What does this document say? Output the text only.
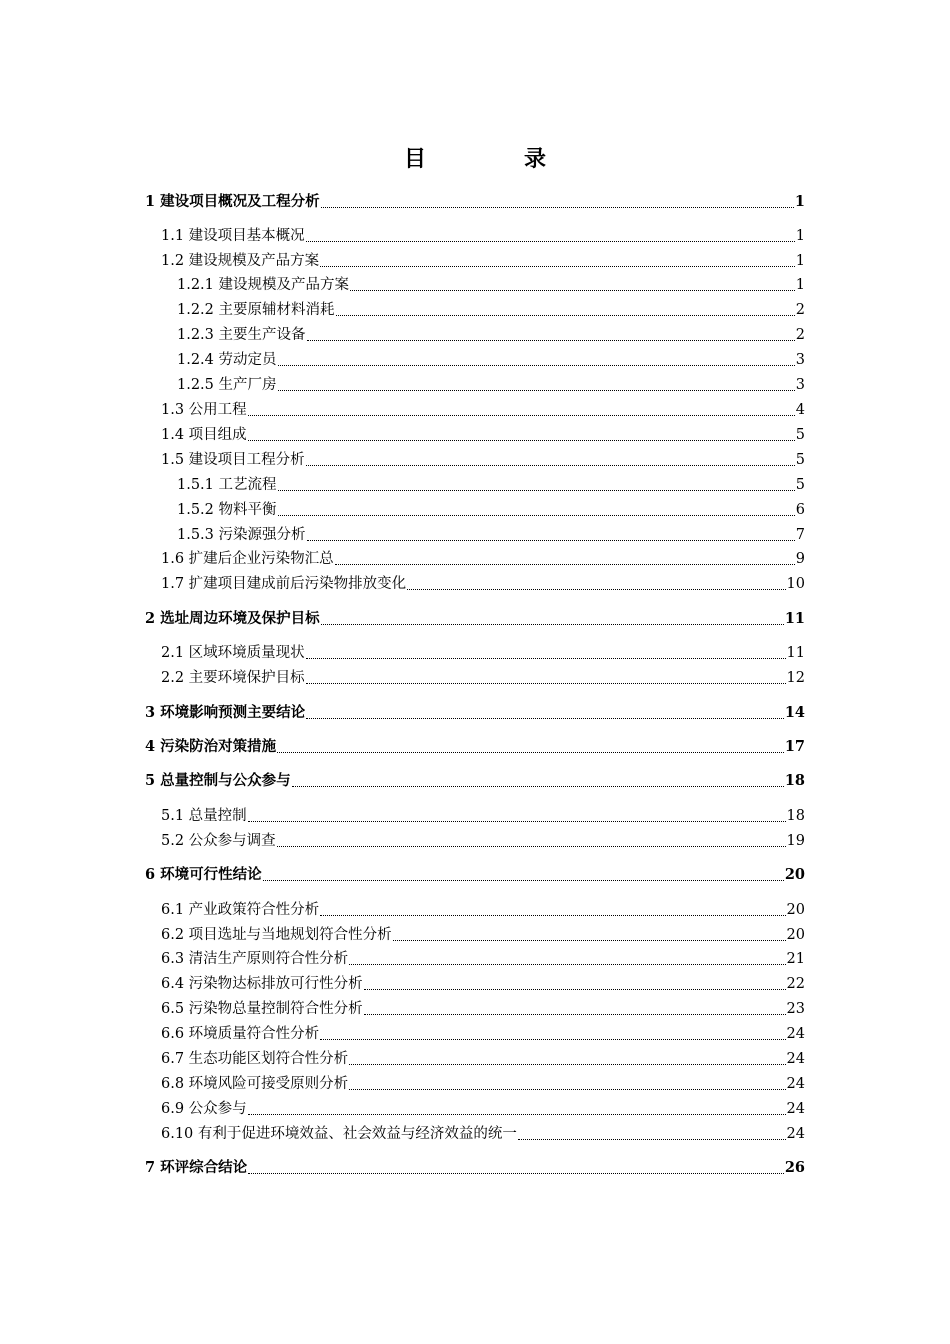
目　录
1 建设项目概况及工程分析	1
1.1 建设项目基本概况	1
1.2 建设规模及产品方案	1
1.2.1 建设规模及产品方案	1
1.2.2 主要原辅材料消耗	2
1.2.3 主要生产设备	2
1.2.4 劳动定员	3
1.2.5 生产厂房	3
1.3 公用工程	4
1.4 项目组成	5
1.5 建设项目工程分析	5
1.5.1 工艺流程	5
1.5.2 物料平衡	6
1.5.3 污染源强分析	7
1.6 扩建后企业污染物汇总	9
1.7 扩建项目建成前后污染物排放变化	10
2 选址周边环境及保护目标	11
2.1 区域环境质量现状	11
2.2 主要环境保护目标	12
3 环境影响预测主要结论	14
4 污染防治对策措施	17
5 总量控制与公众参与	18
5.1 总量控制	18
5.2 公众参与调查	19
6 环境可行性结论	20
6.1 产业政策符合性分析	20
6.2 项目选址与当地规划符合性分析	20
6.3 清洁生产原则符合性分析	21
6.4 污染物达标排放可行性分析	22
6.5 污染物总量控制符合性分析	23
6.6 环境质量符合性分析	24
6.7 生态功能区划符合性分析	24
6.8 环境风险可接受原则分析	24
6.9 公众参与	24
6.10 有利于促进环境效益、社会效益与经济效益的统一	24
7 环评综合结论	26
